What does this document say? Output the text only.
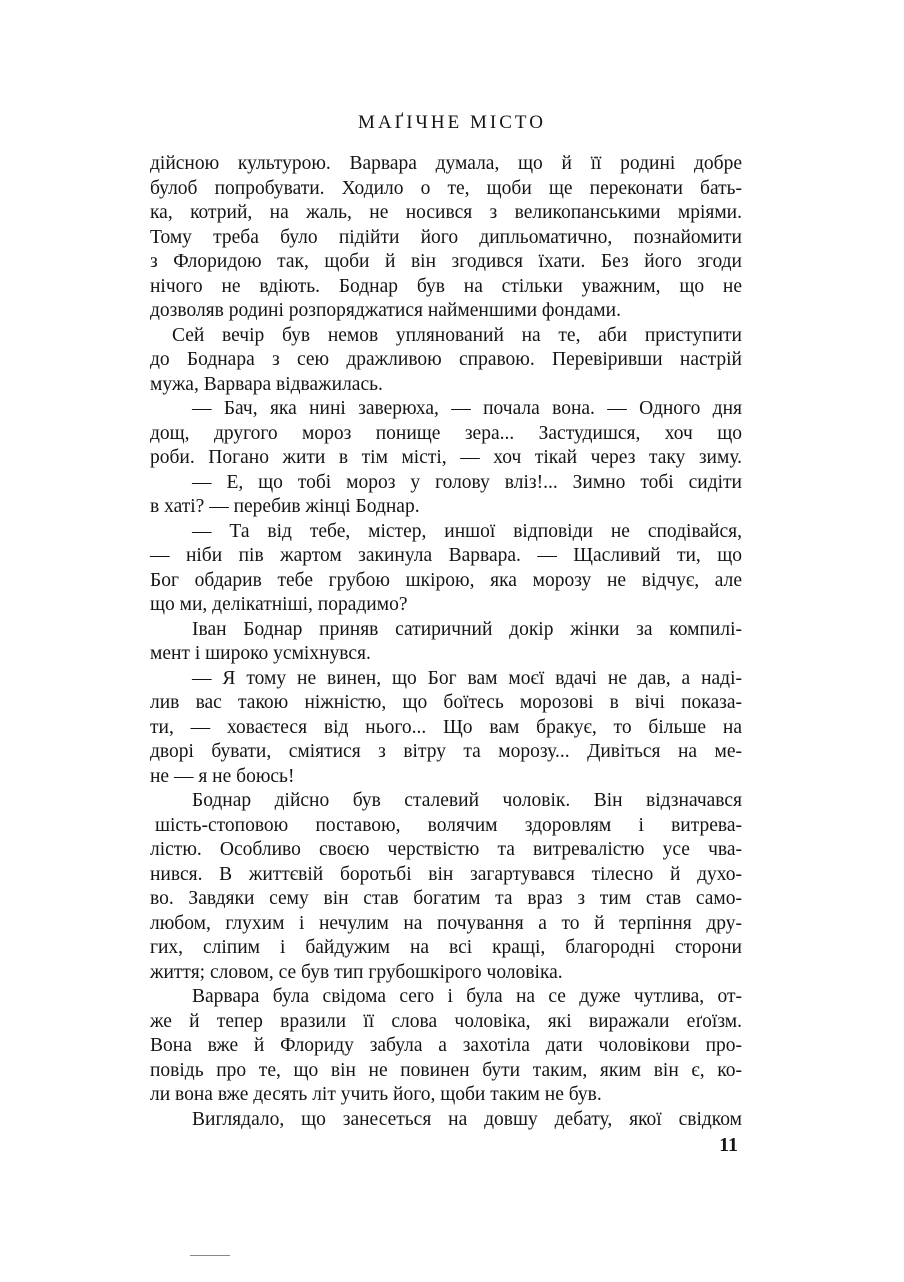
МАҐІЧНЕ МІСТО
дійсною культурою. Варвара думала, що й її родині добре
булоб попробувати. Ходило о те, щоби ще переконати бать-
ка, котрий, на жаль, не носився з великопанськими мріями.
Тому треба було підійти його дипльоматично, познайомити
з Флоридою так, щоби й він згодився їхати. Без його згоди
нічого не вдіють. Боднар був на стільки уважним, що не
дозволяв родині розпоряджатися найменшими фондами.
Сей вечір був немов уплянований на те, аби приступити
до Боднара з сею дражливою справою. Перевіривши настрій
мужа, Варвара відважилась.
— Бач, яка нині заверюха, — почала вона. — Одного дня
дощ, другого мороз понище зера... Застудишся, хоч що
роби. Погано жити в тім місті, — хоч тікай через таку зиму.
— Е, що тобі мороз у голову вліз!... Зимно тобі сидіти
в хаті? — перебив жінці Боднар.
— Та від тебе, містер, иншої відповіди не сподівайся,
— ніби пів жартом закинула Варвара. — Щасливий ти, що
Бог обдарив тебе грубою шкірою, яка морозу не відчує, але
що ми, делікатніші, порадимо?
Іван Боднар приняв сатиричний докір жінки за компилі-
мент і широко усміхнувся.
— Я тому не винен, що Бог вам моєї вдачі не дав, а наді-
лив вас такою ніжністю, що боїтесь морозові в вічі показа-
ти, — ховаєтеся від нього... Що вам бракує, то більше на
дворі бувати, сміятися з вітру та морозу... Дивіться на ме-
не — я не боюсь!
Боднар дійсно був сталевий чоловік. Він відзначався
шість-стоповою поставою, волячим здоровлям і витрева-
лістю. Особливо своєю черствістю та витревалістю усе чва-
нився. В життєвій боротьбі він загартувався тілесно й духо-
во. Завдяки сему він став богатим та враз з тим став само-
любом, глухим і нечулим на почування а то й терпіння дру-
гих, сліпим і байдужим на всі кращі, благородні сторони
життя; словом, се був тип грубошкірого чоловіка.
Варвара була свідома сего і була на се дуже чутлива, от-
же й тепер вразили її слова чоловіка, які виражали еґоїзм.
Вона вже й Флориду забула а захотіла дати чоловікови про-
повідь про те, що він не повинен бути таким, яким він є, ко-
ли вона вже десять літ учить його, щоби таким не був.
Виглядало, що занесеться на довшу дебату, якої свідком
11
